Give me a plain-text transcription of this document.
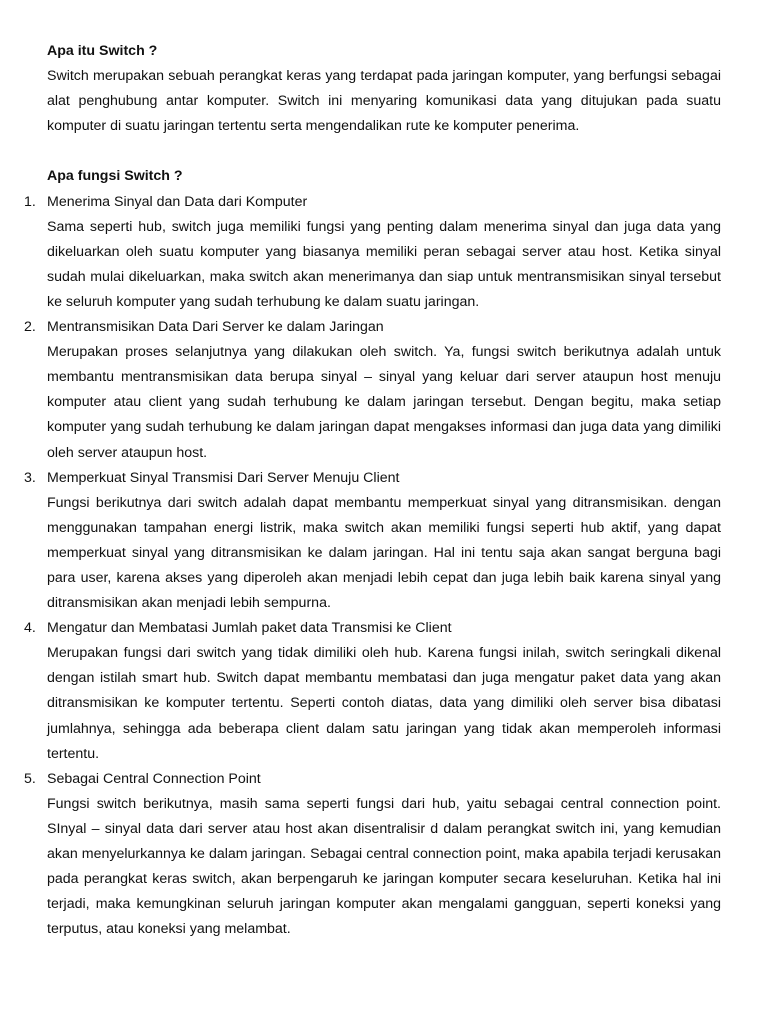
Apa itu Switch ?

Switch merupakan sebuah perangkat keras yang terdapat pada jaringan komputer, yang berfungsi sebagai alat penghubung antar komputer. Switch ini menyaring komunikasi data yang ditujukan pada suatu komputer di suatu jaringan tertentu serta mengendalikan rute ke komputer penerima.

Apa fungsi Switch ?

1. Menerima Sinyal dan Data dari Komputer

Sama seperti hub, switch juga memiliki fungsi yang penting dalam menerima sinyal dan juga data yang dikeluarkan oleh suatu komputer yang biasanya memiliki peran sebagai server atau host. Ketika sinyal sudah mulai dikeluarkan, maka switch akan menerimanya dan siap untuk mentransmisikan sinyal tersebut ke seluruh komputer yang sudah terhubung ke dalam suatu jaringan.

2. Mentransmisikan Data Dari Server ke dalam Jaringan

Merupakan proses selanjutnya yang dilakukan oleh switch. Ya, fungsi switch berikutnya adalah untuk membantu mentransmisikan data berupa sinyal – sinyal yang keluar dari server ataupun host menuju komputer atau client yang sudah terhubung ke dalam jaringan tersebut. Dengan begitu, maka setiap komputer yang sudah terhubung ke dalam jaringan dapat mengakses informasi dan juga data yang dimiliki oleh server ataupun host.

3. Memperkuat Sinyal Transmisi Dari Server Menuju Client

Fungsi berikutnya dari switch adalah dapat membantu memperkuat sinyal yang ditransmisikan. dengan menggunakan tampahan energi listrik, maka switch akan memiliki fungsi seperti hub aktif, yang dapat memperkuat sinyal yang ditransmisikan ke dalam jaringan. Hal ini tentu saja akan sangat berguna bagi para user, karena akses yang diperoleh akan menjadi lebih cepat dan juga lebih baik karena sinyal yang ditransmisikan akan menjadi lebih sempurna.

4. Mengatur dan Membatasi Jumlah paket data Transmisi ke Client

Merupakan fungsi dari switch yang tidak dimiliki oleh hub. Karena fungsi inilah, switch seringkali dikenal dengan istilah smart hub. Switch dapat membantu membatasi dan juga mengatur paket data yang akan ditransmisikan ke komputer tertentu. Seperti contoh diatas, data yang dimiliki oleh server bisa dibatasi jumlahnya, sehingga ada beberapa client dalam satu jaringan yang tidak akan memperoleh informasi tertentu.

5. Sebagai Central Connection Point

Fungsi switch berikutnya, masih sama seperti fungsi dari hub, yaitu sebagai central connection point. SInyal – sinyal data dari server atau host akan disentralisir d dalam perangkat switch ini, yang kemudian akan menyelurkannya ke dalam jaringan. Sebagai central connection point, maka apabila terjadi kerusakan pada perangkat keras switch, akan berpengaruh ke jaringan komputer secara keseluruhan. Ketika hal ini terjadi, maka kemungkinan seluruh jaringan komputer akan mengalami gangguan, seperti koneksi yang terputus, atau koneksi yang melambat.
